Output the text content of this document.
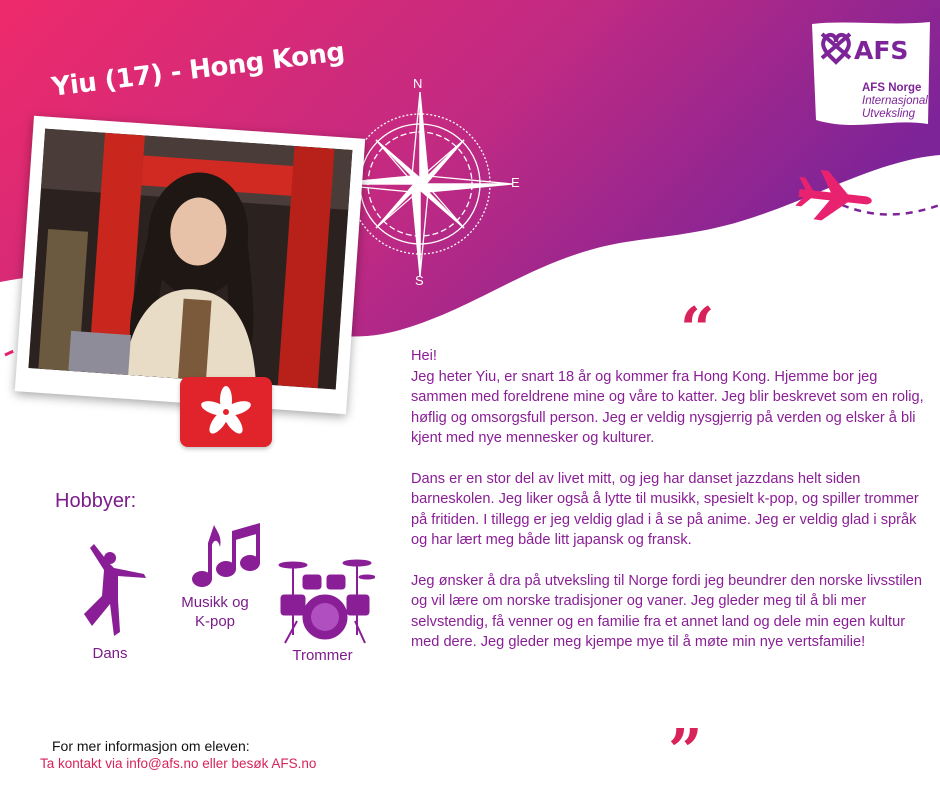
AFS
AFS Norge
Internasjonal
Utveksling
N
E
S
Yiu (17) - Hong Kong
Hobbyer:
Dans
Musikk og
K-pop
Trommer
“

Hei!
Jeg heter Yiu, er snart 18 år og kommer fra Hong Kong. Hjemme bor jeg sammen med foreldrene mine og våre to katter. Jeg blir beskrevet som en rolig, høflig og omsorgsfull person. Jeg er veldig nysgjerrig på verden og elsker å bli kjent med nye mennesker og kulturer.

Dans er en stor del av livet mitt, og jeg har danset jazzdans helt siden barneskolen. Jeg liker også å lytte til musikk, spesielt k-pop, og spiller trommer på fritiden. I tillegg er jeg veldig glad i å se på anime. Jeg er veldig glad i språk og har lært meg både litt japansk og fransk.

Jeg ønsker å dra på utveksling til Norge fordi jeg beundrer den norske livsstilen og vil lære om norske tradisjoner og vaner. Jeg gleder meg til å bli mer selvstendig, få venner og en familie fra et annet land og dele min egen kultur med dere. Jeg gleder meg kjempe mye til å møte min nye vertsfamilie!

”
For mer informasjon om eleven:
Ta kontakt via info@afs.no eller besøk AFS.no
